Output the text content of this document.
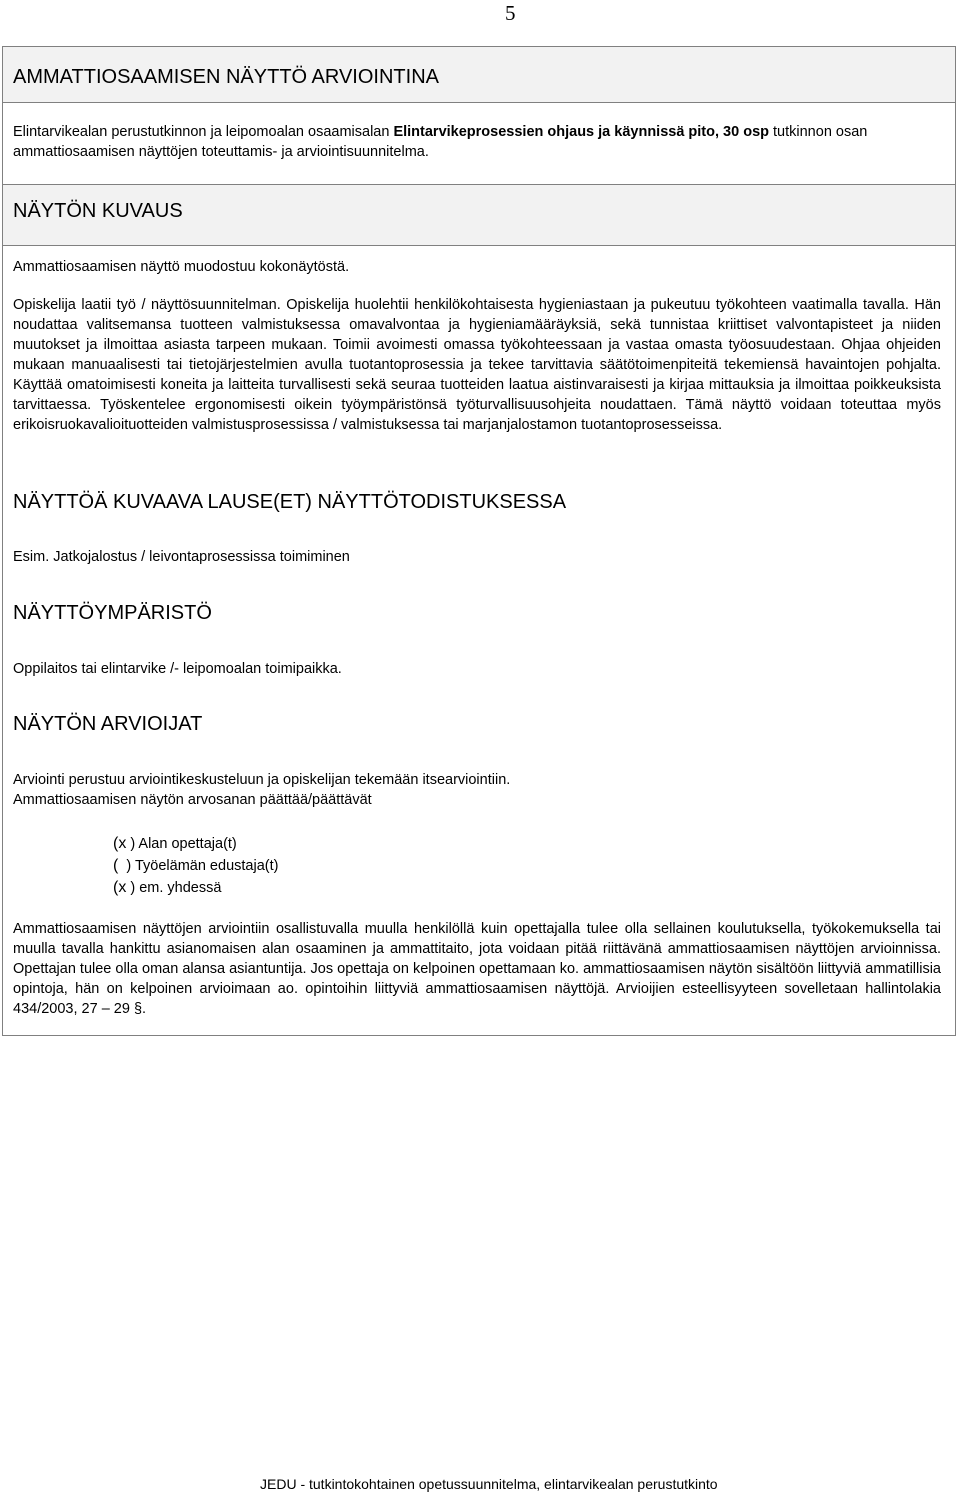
5
AMMATTIOSAAMISEN NÄYTTÖ ARVIOINTINA

Elintarvikealan perustutkinnon ja leipomoalan osaamisalan Elintarvikeprosessien ohjaus ja käynnissä pito, 30 osp tutkinnon osan ammattiosaamisen näyttöjen toteuttamis- ja arviointisuunnitelma.

NÄYTÖN KUVAUS

Ammattiosaamisen näyttö muodostuu kokonäytöstä.

Opiskelija laatii työ / näyttösuunnitelman. Opiskelija huolehtii henkilökohtaisesta hygieniastaan ja pukeutuu työkohteen vaatimalla tavalla. Hän noudattaa valitsemansa tuotteen valmistuksessa omavalvontaa ja hygieniamääräyksiä, sekä tunnistaa kriittiset valvontapisteet ja niiden muutokset ja ilmoittaa asiasta tarpeen mukaan. Toimii avoimesti omassa työkohteessaan ja vastaa omasta työosuudestaan. Ohjaa ohjeiden mukaan manuaalisesti tai tietojärjestelmien avulla tuotantoprosessia ja tekee tarvittavia säätötoimenpiteitä tekemiensä havaintojen pohjalta. Käyttää omatoimisesti koneita ja laitteita turvallisesti sekä seuraa tuotteiden laatua aistinvaraisesti ja kirjaa mittauksia ja ilmoittaa poikkeuksista tarvittaessa. Työskentelee ergonomisesti oikein työympäristönsä työturvallisuusohjeita noudattaen. Tämä näyttö voidaan toteuttaa myös erikoisruokavalioituotteiden valmistusprosessissa / valmistuksessa tai marjanjalostamon tuotantoprosesseissa.

NÄYTTÖÄ KUVAAVA LAUSE(ET) NÄYTTÖTODISTUKSESSA

Esim. Jatkojalostus / leivontaprosessissa toimiminen

NÄYTTÖYMPÄRISTÖ

Oppilaitos tai elintarvike /- leipomoalan toimipaikka.

NÄYTÖN ARVIOIJAT

Arviointi perustuu arviointikeskusteluun ja opiskelijan tekemään itsearviointiin.

Ammattiosaamisen näytön arvosanan päättää/päättävät

(x ) Alan opettaja(t)
(  ) Työelämän edustaja(t)
(x ) em. yhdessä

Ammattiosaamisen näyttöjen arviointiin osallistuvalla muulla henkilöllä kuin opettajalla tulee olla sellainen koulutuksella, työkokemuksella tai muulla tavalla hankittu asianomaisen alan osaaminen ja ammattitaito, jota voidaan pitää riittävänä ammattiosaamisen näyttöjen arvioinnissa. Opettajan tulee olla oman alansa asiantuntija. Jos opettaja on kelpoinen opettamaan ko. ammattiosaamisen näytön sisältöön liittyviä ammatillisia opintoja, hän on kelpoinen arvioimaan ao. opintoihin liittyviä ammattiosaamisen näyttöjä. Arvioijien esteellisyyteen sovelletaan hallintolakia 434/2003, 27 – 29 §.

JEDU - tutkintokohtainen opetussuunnitelma, elintarvikealan perustutkinto
